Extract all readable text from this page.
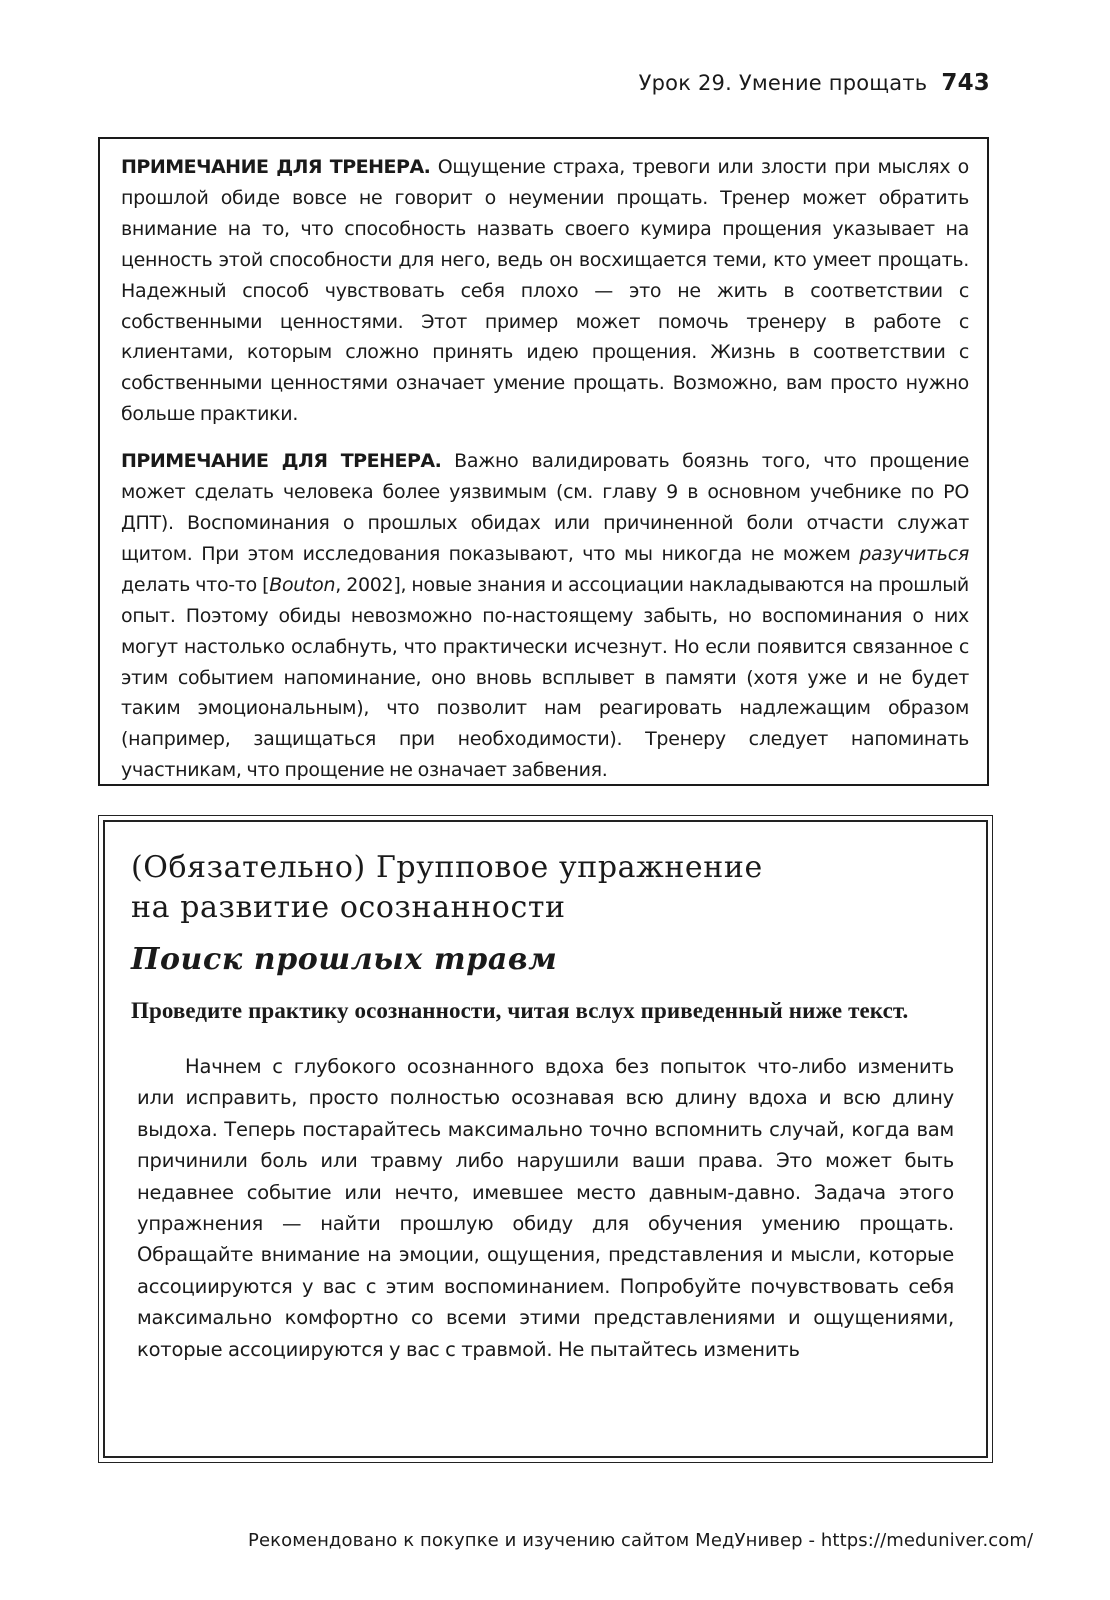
Урок 29. Умение прощать 743

ПРИМЕЧАНИЕ ДЛЯ ТРЕНЕРА. Ощущение страха, тревоги или злости при мыслях о прошлой обиде вовсе не говорит о неумении прощать. Тренер может обратить внимание на то, что способность назвать своего кумира прощения указывает на ценность этой способности для него, ведь он восхищается теми, кто умеет прощать. Надежный способ чувствовать себя плохо — это не жить в соответствии с собственными ценностями. Этот пример может помочь тренеру в работе с клиентами, которым сложно принять идею прощения. Жизнь в соответствии с собственными ценностями означает умение прощать. Возможно, вам просто нужно больше практики.

ПРИМЕЧАНИЕ ДЛЯ ТРЕНЕРА. Важно валидировать боязнь того, что прощение может сделать человека более уязвимым (см. главу 9 в основном учебнике по РО ДПТ). Воспоминания о прошлых обидах или причиненной боли отчасти служат щитом. При этом исследования показывают, что мы никогда не можем разучиться делать что-то [Bouton, 2002], новые знания и ассоциации накладываются на прошлый опыт. Поэтому обиды невозможно по-настоящему забыть, но воспоминания о них могут настолько ослабнуть, что практически исчезнут. Но если появится связанное с этим событием напоминание, оно вновь всплывет в памяти (хотя уже и не будет таким эмоциональным), что позволит нам реагировать надлежащим образом (например, защищаться при необходимости). Тренеру следует напоминать участникам, что прощение не означает забвения.

(Обязательно) Групповое упражнение
на развитие осознанности
Поиск прошлых травм

Проведите практику осознанности, читая вслух приведенный ниже текст.

Начнем с глубокого осознанного вдоха без попыток что-либо изменить или исправить, просто полностью осознавая всю длину вдоха и всю длину выдоха. Теперь постарайтесь максимально точно вспомнить случай, когда вам причинили боль или травму либо нарушили ваши права. Это может быть недавнее событие или нечто, имевшее место давным-давно. Задача этого упражнения — найти прошлую обиду для обучения умению прощать. Обращайте внимание на эмоции, ощущения, представления и мысли, которые ассоциируются у вас с этим воспоминанием. Попробуйте почувствовать себя максимально комфортно со всеми этими представлениями и ощущениями, которые ассоциируются у вас с травмой. Не пытайтесь изменить

Рекомендовано к покупке и изучению сайтом МедУнивер - https://meduniver.com/
